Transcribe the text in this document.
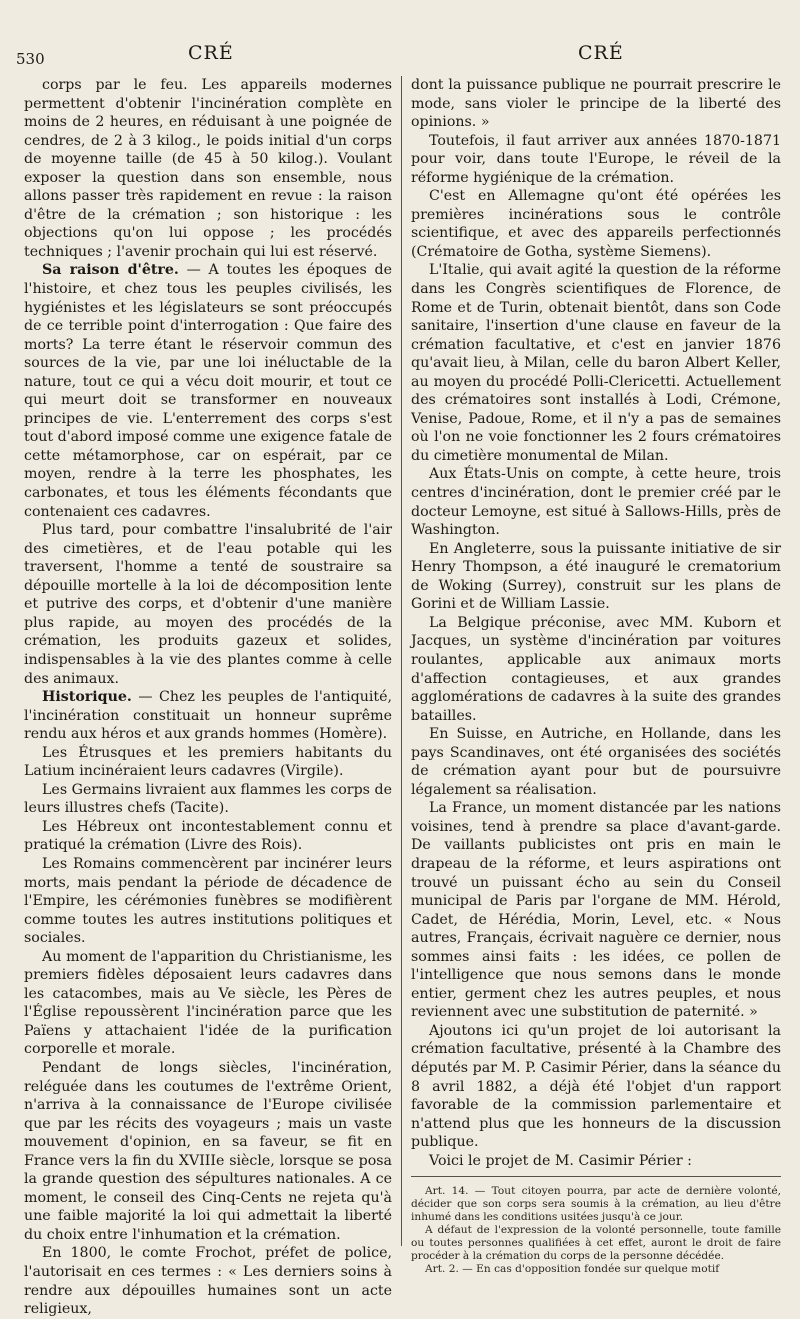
530	CRÉ	CRÉ

corps par le feu. Les appareils modernes permettent d'obtenir l'incinération complète en moins de 2 heures, en réduisant à une poignée de cendres, de 2 à 3 kilog., le poids initial d'un corps de moyenne taille (de 45 à 50 kilog.). Voulant exposer la question dans son ensemble, nous allons passer très rapidement en revue : la raison d'être de la crémation ; son historique : les objections qu'on lui oppose ; les procédés techniques ; l'avenir prochain qui lui est réservé.

Sa raison d'être. — A toutes les époques de l'histoire, et chez tous les peuples civilisés, les hygiénistes et les législateurs se sont préoccupés de ce terrible point d'interrogation : Que faire des morts? La terre étant le réservoir commun des sources de la vie, par une loi inéluctable de la nature, tout ce qui a vécu doit mourir, et tout ce qui meurt doit se transformer en nouveaux principes de vie. L'enterrement des corps s'est tout d'abord imposé comme une exigence fatale de cette métamorphose, car on espérait, par ce moyen, rendre à la terre les phosphates, les carbonates, et tous les éléments fécondants que contenaient ces cadavres.

Plus tard, pour combattre l'insalubrité de l'air des cimetières, et de l'eau potable qui les traversent, l'homme a tenté de soustraire sa dépouille mortelle à la loi de décomposition lente et putrive des corps, et d'obtenir d'une manière plus rapide, au moyen des procédés de la crémation, les produits gazeux et solides, indispensables à la vie des plantes comme à celle des animaux.

Historique. — Chez les peuples de l'antiquité, l'incinération constituait un honneur suprême rendu aux héros et aux grands hommes (Homère).

Les Étrusques et les premiers habitants du Latium incinéraient leurs cadavres (Virgile).

Les Germains livraient aux flammes les corps de leurs illustres chefs (Tacite).

Les Hébreux ont incontestablement connu et pratiqué la crémation (Livre des Rois).

Les Romains commencèrent par incinérer leurs morts, mais pendant la période de décadence de l'Empire, les cérémonies funèbres se modifièrent comme toutes les autres institutions politiques et sociales.

Au moment de l'apparition du Christianisme, les premiers fidèles déposaient leurs cadavres dans les catacombes, mais au Ve siècle, les Pères de l'Église repoussèrent l'incinération parce que les Païens y attachaient l'idée de la purification corporelle et morale.

Pendant de longs siècles, l'incinération, reléguée dans les coutumes de l'extrême Orient, n'arriva à la connaissance de l'Europe civilisée que par les récits des voyageurs ; mais un vaste mouvement d'opinion, en sa faveur, se fit en France vers la fin du XVIIIe siècle, lorsque se posa la grande question des sépultures nationales. A ce moment, le conseil des Cinq-Cents ne rejeta qu'à une faible majorité la loi qui admettait la liberté du choix entre l'inhumation et la crémation.

En 1800, le comte Frochot, préfet de police, l'autorisait en ces termes : « Les derniers soins à rendre aux dépouilles humaines sont un acte religieux,

dont la puissance publique ne pourrait prescrire le mode, sans violer le principe de la liberté des opinions. »

Toutefois, il faut arriver aux années 1870-1871 pour voir, dans toute l'Europe, le réveil de la réforme hygiénique de la crémation.

C'est en Allemagne qu'ont été opérées les premières incinérations sous le contrôle scientifique, et avec des appareils perfectionnés (Crématoire de Gotha, système Siemens).

L'Italie, qui avait agité la question de la réforme dans les Congrès scientifiques de Florence, de Rome et de Turin, obtenait bientôt, dans son Code sanitaire, l'insertion d'une clause en faveur de la crémation facultative, et c'est en janvier 1876 qu'avait lieu, à Milan, celle du baron Albert Keller, au moyen du procédé Polli-Clericetti. Actuellement des crématoires sont installés à Lodi, Crémone, Venise, Padoue, Rome, et il n'y a pas de semaines où l'on ne voie fonctionner les 2 fours crématoires du cimetière monumental de Milan.

Aux États-Unis on compte, à cette heure, trois centres d'incinération, dont le premier créé par le docteur Lemoyne, est situé à Sallows-Hills, près de Washington.

En Angleterre, sous la puissante initiative de sir Henry Thompson, a été inauguré le crematorium de Woking (Surrey), construit sur les plans de Gorini et de William Lassie.

La Belgique préconise, avec MM. Kuborn et Jacques, un système d'incinération par voitures roulantes, applicable aux animaux morts d'affection contagieuses, et aux grandes agglomérations de cadavres à la suite des grandes batailles.

En Suisse, en Autriche, en Hollande, dans les pays Scandinaves, ont été organisées des sociétés de crémation ayant pour but de poursuivre légalement sa réalisation.

La France, un moment distancée par les nations voisines, tend à prendre sa place d'avant-garde. De vaillants publicistes ont pris en main le drapeau de la réforme, et leurs aspirations ont trouvé un puissant écho au sein du Conseil municipal de Paris par l'organe de MM. Hérold, Cadet, de Hérédia, Morin, Level, etc. « Nous autres, Français, écrivait naguère ce dernier, nous sommes ainsi faits : les idées, ce pollen de l'intelligence que nous semons dans le monde entier, germent chez les autres peuples, et nous reviennent avec une substitution de paternité. »

Ajoutons ici qu'un projet de loi autorisant la crémation facultative, présenté à la Chambre des députés par M. P. Casimir Périer, dans la séance du 8 avril 1882, a déjà été l'objet d'un rapport favorable de la commission parlementaire et n'attend plus que les honneurs de la discussion publique.

Voici le projet de M. Casimir Périer :

Art. 14. — Tout citoyen pourra, par acte de dernière volonté, décider que son corps sera soumis à la crémation, au lieu d'être inhumé dans les conditions usitées jusqu'à ce jour.

A défaut de l'expression de la volonté personnelle, toute famille ou toutes personnes qualifiées à cet effet, auront le droit de faire procéder à la crémation du corps de la personne décédée.

Art. 2. — En cas d'opposition fondée sur quelque motif
